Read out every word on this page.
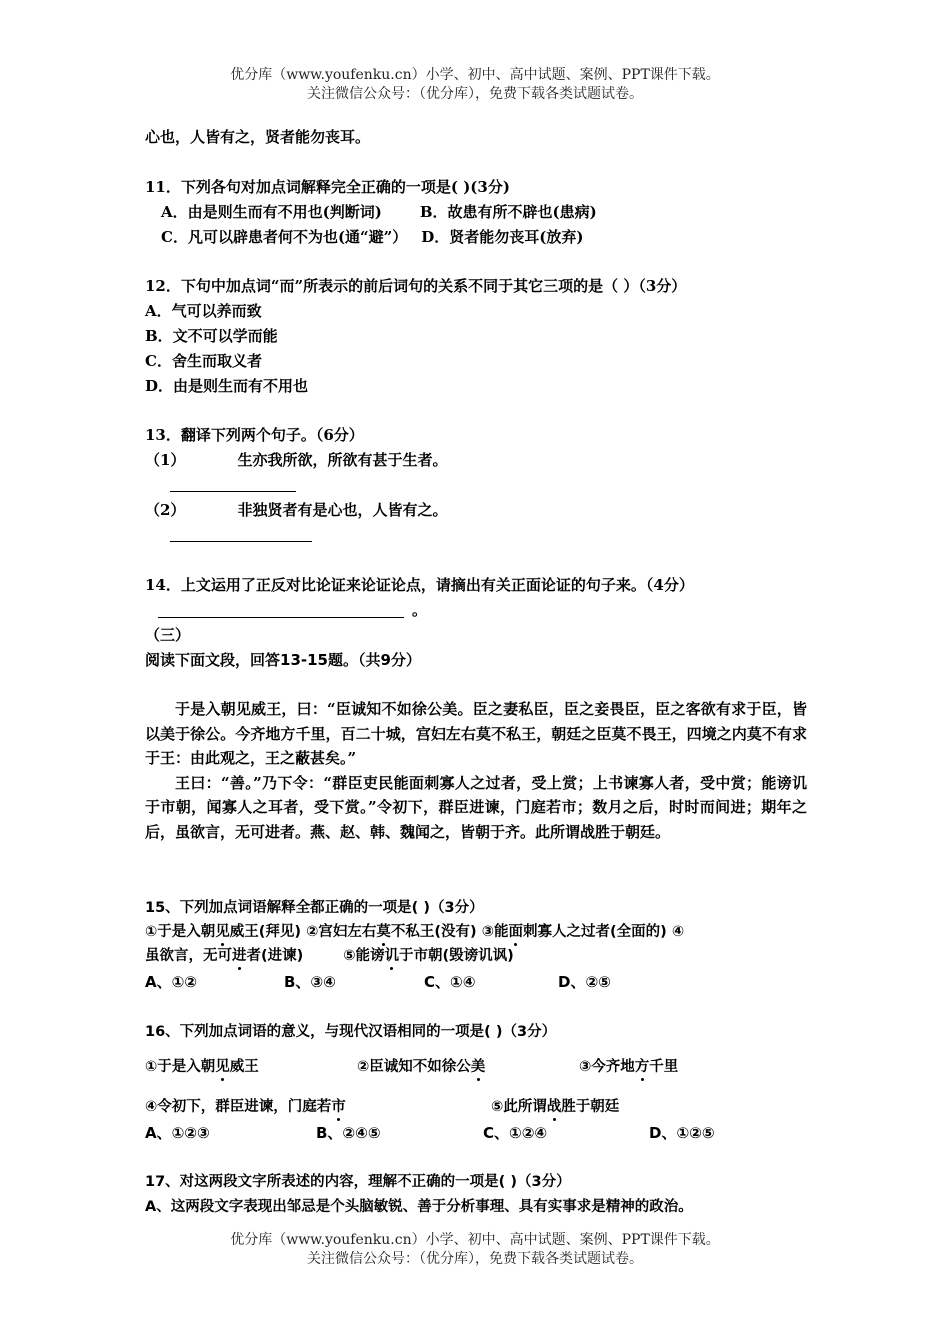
优分库（www.youfenku.cn）小学、初中、高中试题、案例、PPT课件下载。
关注微信公众号：（优分库），免费下载各类试题试卷。
心也，人皆有之，贤者能勿丧耳。
11．下列各句对加点词解释完全正确的一项是( )(3分)
A．由是则生而有不用也(判断词)	B．故患有所不辟也(患病)
C．凡可以辟患者何不为也(通“避”） D．贤者能勿丧耳(放弃)
12．下句中加点词“而”所表示的前后词句的关系不同于其它三项的是（ ）（3分）
A．气可以养而致
B．文不可以学而能
C．舍生而取义者
D．由是则生而有不用也
13．翻译下列两个句子。（6分）
（1）	生亦我所欲，所欲有甚于生者。
（2）	非独贤者有是心也，人皆有之。
14．上文运用了正反对比论证来论证论点，请摘出有关正面论证的句子来。（4分）
。
（三）
阅读下面文段，回答13-15题。（共9分）

于是入朝见威王，曰：“臣诚知不如徐公美。臣之妻私臣，臣之妾畏臣，臣之客欲有求于臣，皆以美于徐公。今齐地方千里，百二十城，宫妇左右莫不私王，朝廷之臣莫不畏王，四境之内莫不有求于王：由此观之，王之蔽甚矣。”

王曰：“善。”乃下令：“群臣吏民能面刺寡人之过者，受上赏；上书谏寡人者，受中赏；能谤讥于市朝，闻寡人之耳者，受下赏。”令初下，群臣进谏，门庭若市；数月之后，时时而间进；期年之后，虽欲言，无可进者。燕、赵、韩、魏闻之，皆朝于齐。此所谓战胜于朝廷。

15、下列加点词语解释全都正确的一项是( )（3分）
①于是入朝见威王(拜见) ②宫妇左右莫不私王(没有) ③能面刺寡人之过者(全面的) ④
虽欲言，无可进者(进谏)	⑤能谤讥于市朝(毁谤讥讽)
A、①②	B、③④	C、①④	D、②⑤
16、下列加点词语的意义，与现代汉语相同的一项是( )（3分）
①于是入朝见威王	②臣诚知不如徐公美	③今齐地方千里
④令初下，群臣进谏，门庭若市	⑤此所谓战胜于朝廷
A、①②③	B、②④⑤	C、①②④	D、①②⑤
17、对这两段文字所表述的内容，理解不正确的一项是( )（3分）
A、这两段文字表现出邹忌是个头脑敏锐、善于分析事理、具有实事求是精神的政治。
优分库（www.youfenku.cn）小学、初中、高中试题、案例、PPT课件下载。
关注微信公众号：（优分库），免费下载各类试题试卷。
